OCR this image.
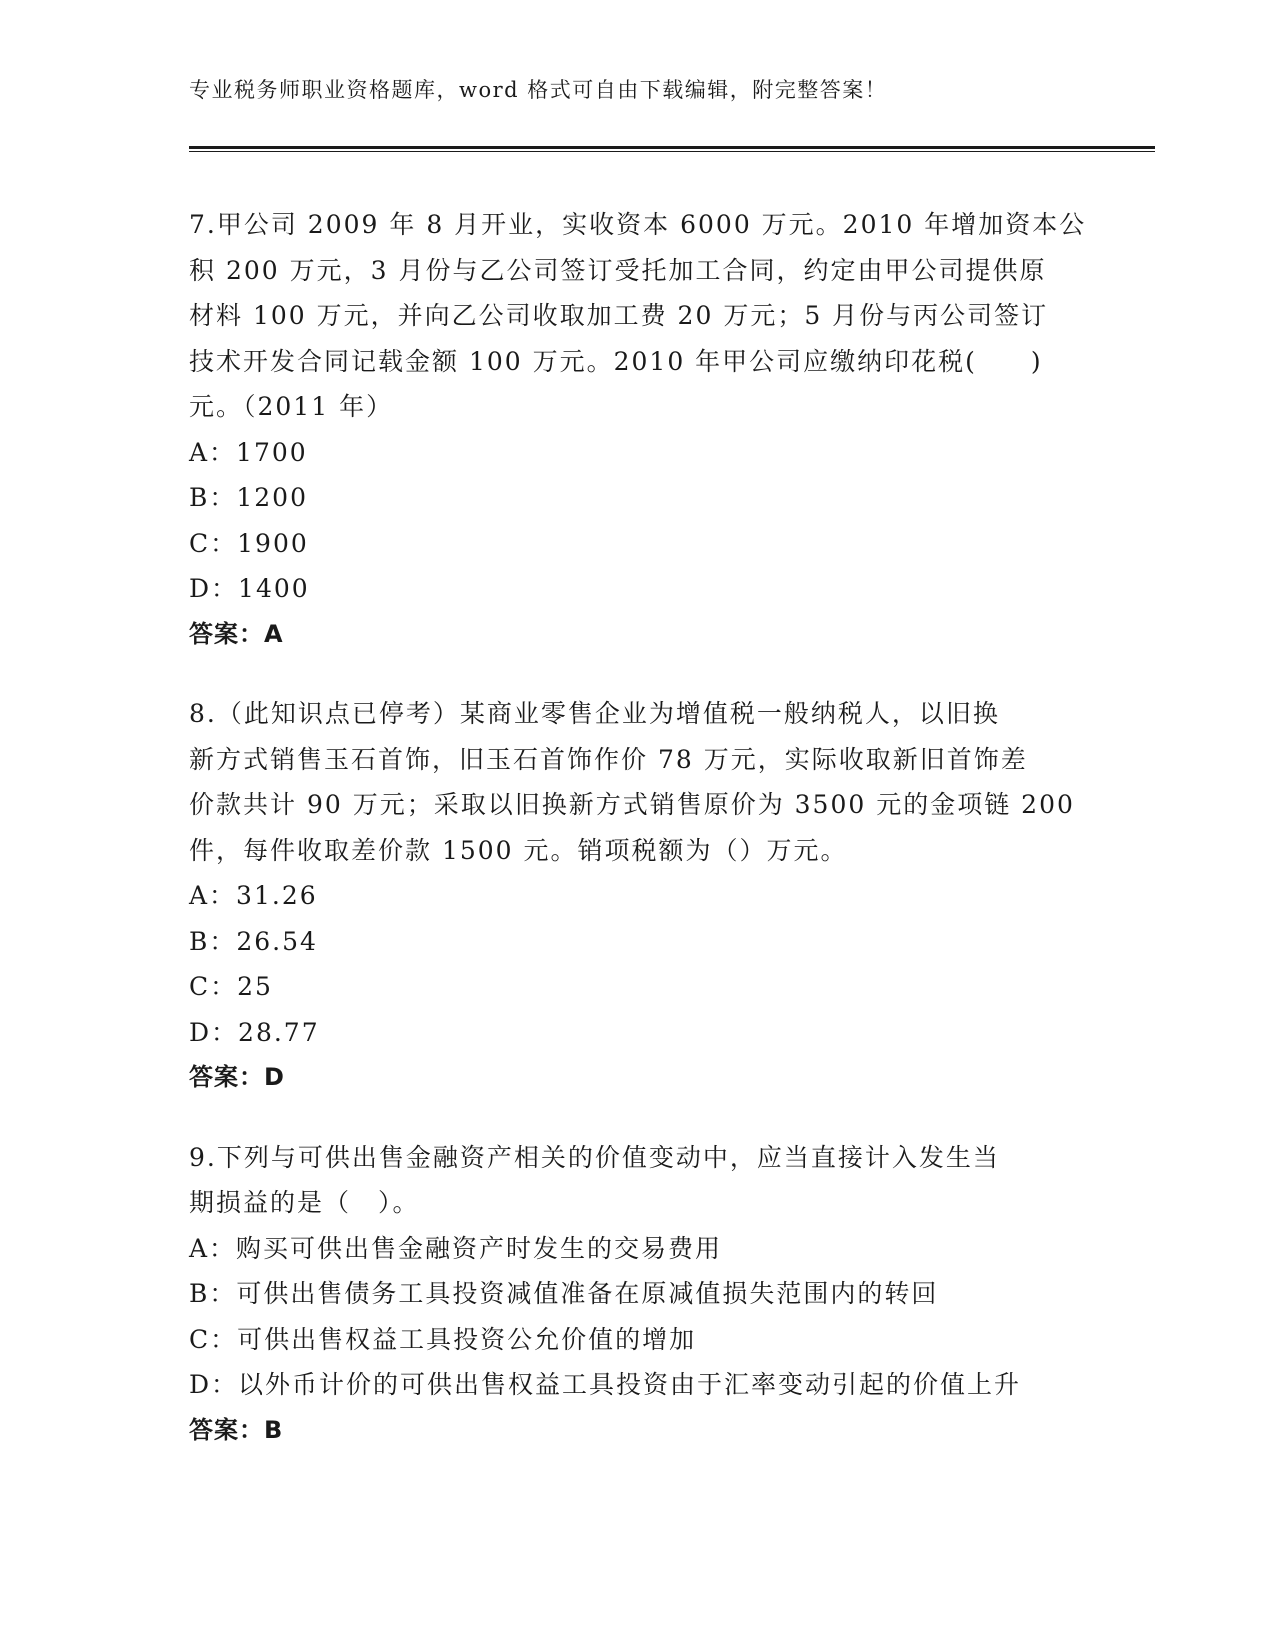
专业税务师职业资格题库，word 格式可自由下载编辑，附完整答案！
7.甲公司 2009 年 8 月开业，实收资本 6000 万元。2010 年增加资本公
积 200 万元，3 月份与乙公司签订受托加工合同，约定由甲公司提供原
材料 100 万元，并向乙公司收取加工费 20 万元；5 月份与丙公司签订
技术开发合同记载金额 100 万元。2010 年甲公司应缴纳印花税(　　)
元。（2011 年）
A：1700
B：1200
C：1900
D：1400
答案：A
8.（此知识点已停考）某商业零售企业为增值税一般纳税人，以旧换
新方式销售玉石首饰，旧玉石首饰作价 78 万元，实际收取新旧首饰差
价款共计 90 万元；采取以旧换新方式销售原价为 3500 元的金项链 200
件，每件收取差价款 1500 元。销项税额为（）万元。
A：31.26
B：26.54
C：25
D：28.77
答案：D
9.下列与可供出售金融资产相关的价值变动中，应当直接计入发生当
期损益的是（　）。
A：购买可供出售金融资产时发生的交易费用
B：可供出售债务工具投资减值准备在原减值损失范围内的转回
C：可供出售权益工具投资公允价值的增加
D：以外币计价的可供出售权益工具投资由于汇率变动引起的价值上升
答案：B
